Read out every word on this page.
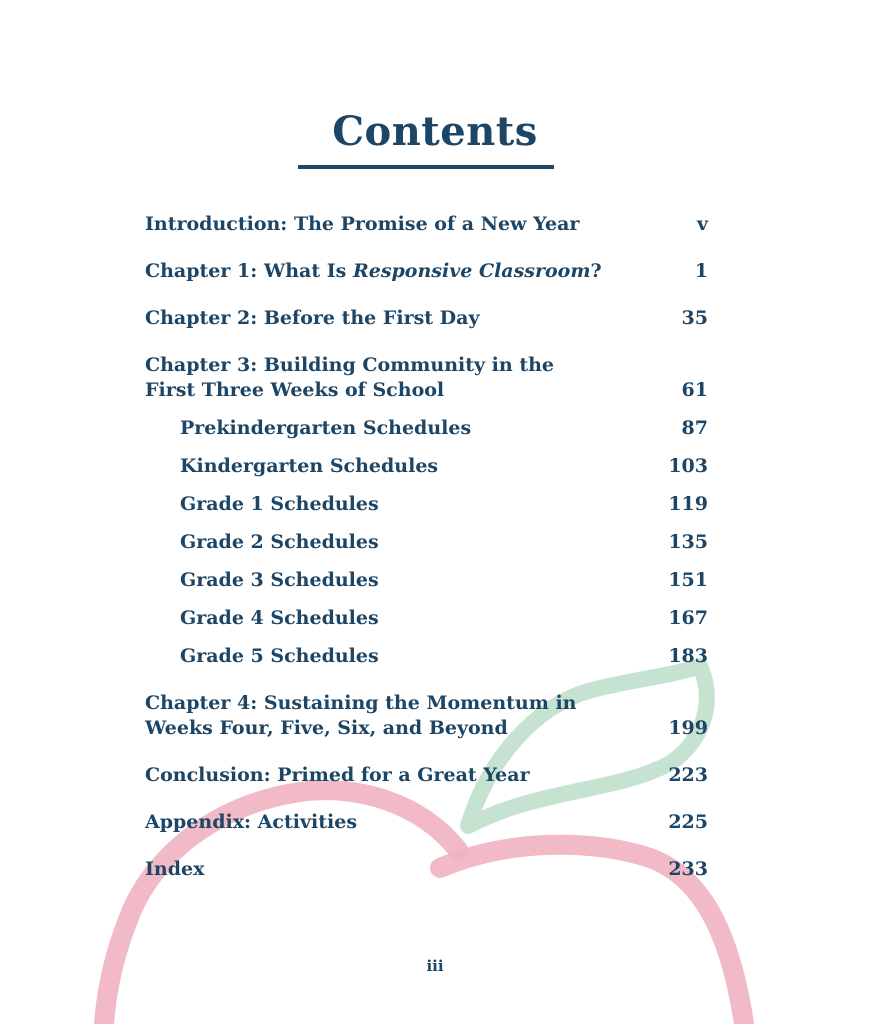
Contents
Introduction: The Promise of a New Year	v
Chapter 1: What Is Responsive Classroom?	1
Chapter 2: Before the First Day	35
Chapter 3: Building Community in the
First Three Weeks of School	61
Prekindergarten Schedules	87
Kindergarten Schedules	103
Grade 1 Schedules	119
Grade 2 Schedules	135
Grade 3 Schedules	151
Grade 4 Schedules	167
Grade 5 Schedules	183
Chapter 4: Sustaining the Momentum in
Weeks Four, Five, Six, and Beyond	199
Conclusion: Primed for a Great Year	223
Appendix: Activities	225
Index	233
iii
